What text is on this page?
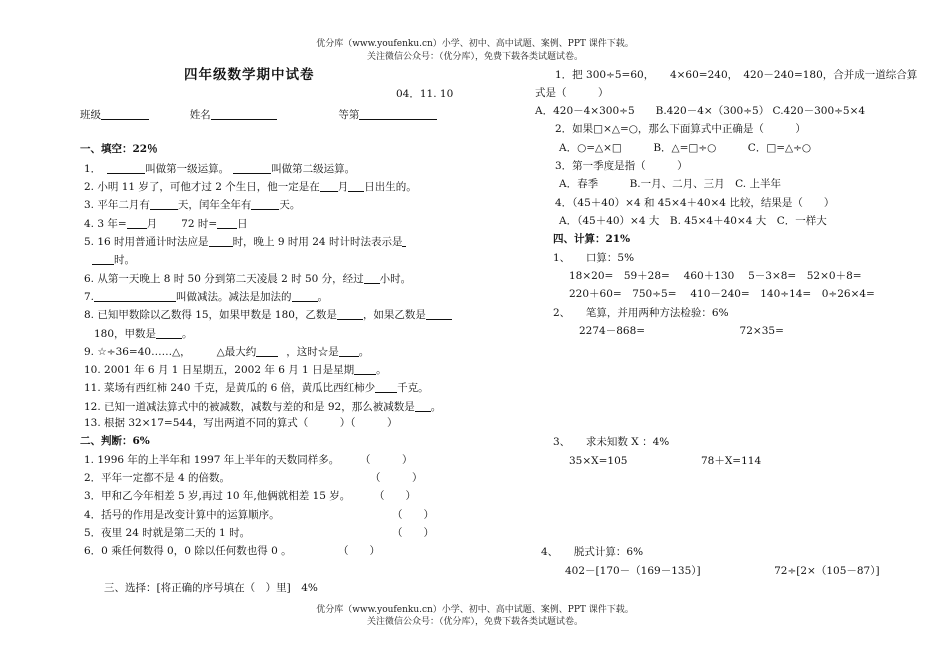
优分库（www.youfenku.cn）小学、初中、高中试题、案例、PPT 课件下载。
关注微信公众号：（优分库），免费下载各类试题试卷。
四年级数学期中试卷
04．11. 10
班级	姓名	等第
一、填空：22％
1．	叫做第一级运算。	叫做第二级运算。
2. 小明 11 岁了，可他才过 2 个生日，他一定是在 月 日出生的。
3. 平年二月有	天，闰年全年有	天。
4. 3 年= 月 72 时= 日
5. 16 时用普通计时法应是 时，晚上 9 时用 24 时计时法表示是
时。
6. 从第一天晚上 8 时 50 分到第二天凌晨 2 时 50 分，经过 小时。
7.	叫做减法。减法是加法的 。
8. 已知甲数除以乙数得 15，如果甲数是 180，乙数是 ，如果乙数是
180，甲数是 。
9. ☆÷36=40……△， △最大约	，这时☆是 。
10. 2001 年 6 月 1 日星期五，2002 年 6 月 1 日是星期 。
11. 菜场有西红柿 240 千克，是黄瓜的 6 倍，黄瓜比西红柿少 千克。
12. 已知一道减法算式中的被减数，减数与差的和是 92，那么被减数是 。
13. 根据 32×17=544，写出两道不同的算式（　　　）（　　　）
二、判断：6%
1. 1996 年的上半年和 1997 年上半年的天数同样多。 （　　　）
2．平年一定都不是 4 的倍数。	（　　　）
3．甲和乙今年相差 5 岁,再过 10 年,他俩就相差 15 岁。 （　　）
4．括号的作用是改变计算中的运算顺序。	（　　）
5．夜里 24 时就是第二天的 1 时。	（　　）
6．0 乘任何数得 0，0 除以任何数也得 0 。	（　　）
三、选择：[将正确的序号填在（　）里]　4%
1．把 300÷5=60，　　4×60=240，　420－240=180，合并成一道综合算
式是（　　　）
A．420－4×300÷5　　B.420－4×（300÷5） C.420－300÷5×4
2．如果□×△=○，那么下面算式中正确是（　　　）
A．○=△×□　　　B．△=□÷○　　　C．□=△÷○
3．第一季度是指（　　　）
A．春季　　　B.一月、二月、三月　C. 上半年
4．（45＋40）×4 和 45×4＋40×4 比较，结果是（　　）
A．（45＋40）×4 大　B. 45×4＋40×4 大　C．一样大
四、计算：21%
1、　　口算：5%
18×20=　59＋28=　 460＋130　 5－3×8=　52×0＋8=
220＋60=　750÷5=　 410－240=　140÷14=　0÷26×4=
2、　　笔算，并用两种方法检验：6%
2274－868=　　　　　　　　　72×35=
3、　　求未知数 X ：4%
35×X=105　　　　　　　78＋X=114
4、　　脱式计算：6%
402－[170－（169－135）]　　　　　　　72÷[2×（105－87）]
优分库（www.youfenku.cn）小学、初中、高中试题、案例、PPT 课件下载。
关注微信公众号：（优分库），免费下载各类试题试卷。
